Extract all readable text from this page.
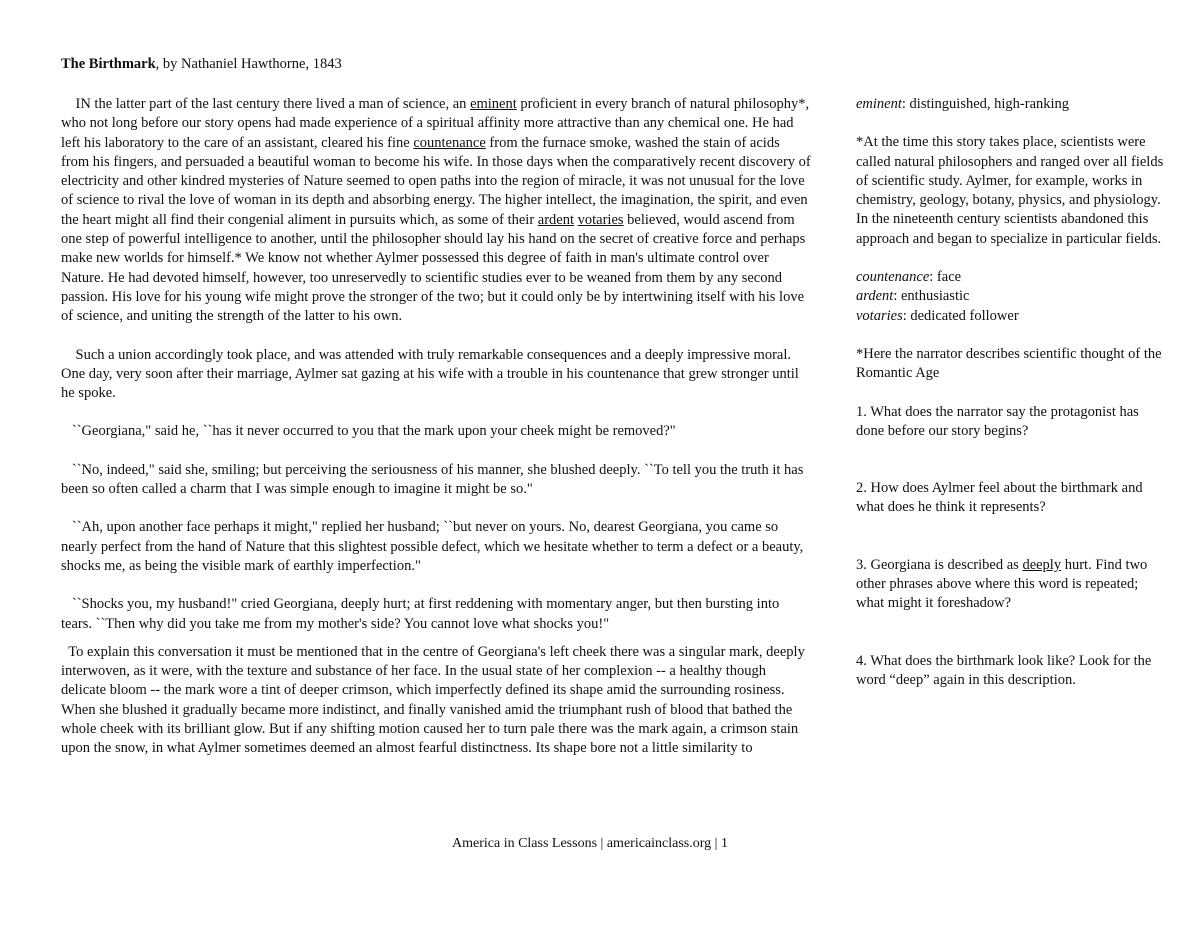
The Birthmark, by Nathaniel Hawthorne, 1843

IN the latter part of the last century there lived a man of science, an eminent proficient in every branch of natural philosophy*, who not long before our story opens had made experience of a spiritual affinity more attractive than any chemical one. He had left his laboratory to the care of an assistant, cleared his fine countenance from the furnace smoke, washed the stain of acids from his fingers, and persuaded a beautiful woman to become his wife. In those days when the comparatively recent discovery of electricity and other kindred mysteries of Nature seemed to open paths into the region of miracle, it was not unusual for the love of science to rival the love of woman in its depth and absorbing energy. The higher intellect, the imagination, the spirit, and even the heart might all find their congenial aliment in pursuits which, as some of their ardent votaries believed, would ascend from one step of powerful intelligence to another, until the philosopher should lay his hand on the secret of creative force and perhaps make new worlds for himself.* We know not whether Aylmer possessed this degree of faith in man's ultimate control over Nature. He had devoted himself, however, too unreservedly to scientific studies ever to be weaned from them by any second passion. His love for his young wife might prove the stronger of the two; but it could only be by intertwining itself with his love of science, and uniting the strength of the latter to his own.

Such a union accordingly took place, and was attended with truly remarkable consequences and a deeply impressive moral. One day, very soon after their marriage, Aylmer sat gazing at his wife with a trouble in his countenance that grew stronger until he spoke.

``Georgiana," said he, ``has it never occurred to you that the mark upon your cheek might be removed?"

``No, indeed," said she, smiling; but perceiving the seriousness of his manner, she blushed deeply. ``To tell you the truth it has been so often called a charm that I was simple enough to imagine it might be so."

``Ah, upon another face perhaps it might," replied her husband; ``but never on yours. No, dearest Georgiana, you came so nearly perfect from the hand of Nature that this slightest possible defect, which we hesitate whether to term a defect or a beauty, shocks me, as being the visible mark of earthly imperfection."

``Shocks you, my husband!" cried Georgiana, deeply hurt; at first reddening with momentary anger, but then bursting into tears. ``Then why did you take me from my mother's side? You cannot love what shocks you!"

To explain this conversation it must be mentioned that in the centre of Georgiana's left cheek there was a singular mark, deeply interwoven, as it were, with the texture and substance of her face. In the usual state of her complexion -- a healthy though delicate bloom -- the mark wore a tint of deeper crimson, which imperfectly defined its shape amid the surrounding rosiness. When she blushed it gradually became more indistinct, and finally vanished amid the triumphant rush of blood that bathed the whole cheek with its brilliant glow. But if any shifting motion caused her to turn pale there was the mark again, a crimson stain upon the snow, in what Aylmer sometimes deemed an almost fearful distinctness. Its shape bore not a little similarity to

eminent: distinguished, high-ranking

*At the time this story takes place, scientists were called natural philosophers and ranged over all fields of scientific study. Aylmer, for example, works in chemistry, geology, botany, physics, and physiology. In the nineteenth century scientists abandoned this approach and began to specialize in particular fields.

countenance: face
ardent: enthusiastic
votaries: dedicated follower

*Here the narrator describes scientific thought of the Romantic Age

1. What does the narrator say the protagonist has done before our story begins?

2. How does Aylmer feel about the birthmark and what does he think it represents?

3. Georgiana is described as deeply hurt. Find two other phrases above where this word is repeated; what might it foreshadow?

4. What does the birthmark look like? Look for the word “deep” again in this description.

America in Class Lessons | americainclass.org | 1
